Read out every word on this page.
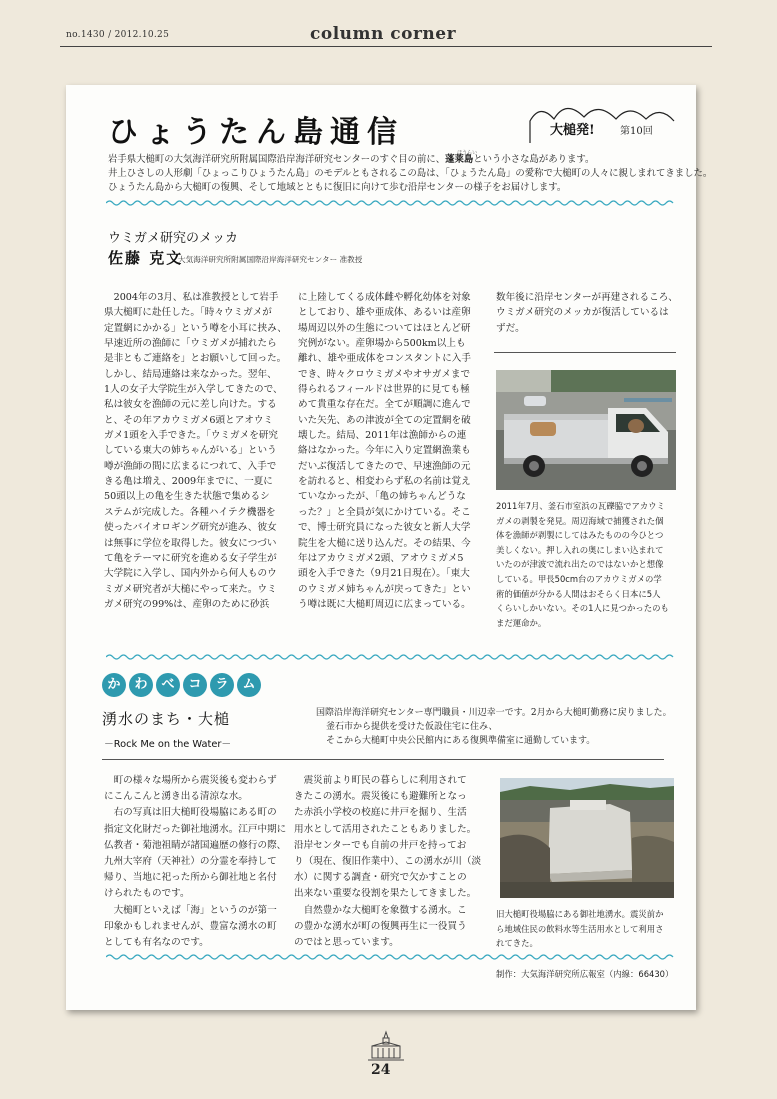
no.1430 / 2012.10.25	column corner
ひょうたん島通信	大槌発!	第10回

岩手県大槌町の大気海洋研究所附属国際沿岸海洋研究センターのすぐ目の前に、蓬莱島
ほうらい
という小さな島があります。

井上ひさしの人形劇「ひょっこりひょうたん島」のモデルともされるこの島は、「ひょうたん島」の愛称で大槌町の人々に親しまれてきました。

ひょうたん島から大槌町の復興、そして地域とともに復旧に向けて歩む沿岸センターの様子をお届けします。

ウミガメ研究のメッカ
佐藤 克文
大気海洋研究所附属国際沿岸海洋研究センター 准教授

　2004年の3月、私は准教授として岩手

県大槌町に赴任した。「時々ウミガメが

定置網にかかる」という噂を小耳に挟み、

早速近所の漁師に「ウミガメが捕れたら

是非ともご連絡を」とお願いして回った。

しかし、結局連絡は来なかった。翌年、

1人の女子大学院生が入学してきたので、

私は彼女を漁師の元に差し向けた。する

と、その年アカウミガメ6頭とアオウミ

ガメ1頭を入手できた。「ウミガメを研究

している東大の姉ちゃんがいる」という

噂が漁師の間に広まるにつれて、入手で

きる亀は増え、2009年までに、一夏に

50頭以上の亀を生きた状態で集めるシ

ステムが完成した。各種ハイテク機器を

使ったバイオロギング研究が進み、彼女

は無事に学位を取得した。彼女につづい

て亀をテーマに研究を進める女子学生が

大学院に入学し、国内外から何人ものウ

ミガメ研究者が大槌にやって来た。ウミ

ガメ研究の99%は、産卵のために砂浜

に上陸してくる成体雌や孵化幼体を対象

としており、雄や亜成体、あるいは産卵

場周辺以外の生態についてはほとんど研

究例がない。産卵場から500km以上も

離れ、雄や亜成体をコンスタントに入手

でき、時々クロウミガメやオサガメまで

得られるフィールドは世界的に見ても極

めて貴重な存在だ。全てが順調に進んで

いた矢先、あの津波が全ての定置網を破

壊した。結局、2011年は漁師からの連

絡はなかった。今年に入り定置網漁業も

だいぶ復活してきたので、早速漁師の元

を訪れると、相変わらず私の名前は覚え

ていなかったが、「亀の姉ちゃんどうな

った？」と全員が気にかけている。そこ

で、博士研究員になった彼女と新人大学

院生を大槌に送り込んだ。その結果、今

年はアカウミガメ2頭、アオウミガメ5

頭を入手できた（9月21日現在）。「東大

のウミガメ姉ちゃんが戻ってきた」とい

う噂は既に大槌町周辺に広まっている。

数年後に沿岸センターが再建されるころ、

ウミガメ研究のメッカが復活しているは

ずだ。

2011年7月、釜石市室浜の瓦礫脇でアカウミ

ガメの剥製を発見。周辺海域で捕獲された個

体を漁師が剥製にしてはみたものの今ひとつ

美しくない。押し入れの奥にしまい込まれて

いたのが津波で流れ出たのではないかと想像

している。甲長50cm台のアカウミガメの学

術的価値が分かる人間はおそらく日本に5人

くらいしかいない。その1人に見つかったのも

まだ運命か。

か わ べ コ ラ ム
湧水のまち・大槌
－Rock Me on the Water－

国際沿岸海洋研究センター専門職員・川辺幸一です。2月から大槌町勤務に戻りました。

釜石市から提供を受けた仮設住宅に住み、

そこから大槌町中央公民館内にある復興準備室に通勤しています。

　町の様々な場所から震災後も変わらず

にこんこんと湧き出る清涼な水。

　右の写真は旧大槌町役場脇にある町の

指定文化財だった御社地湧水。江戸中期に

仏教者・菊池祖睛が諸国遍歴の修行の際、

九州大宰府（天神社）の分霊を奉持して

帰り、当地に祀った所から御社地と名付

けられたものです。

　大槌町といえば「海」というのが第一

印象かもしれませんが、豊富な湧水の町

としても有名なのです。

　震災前より町民の暮らしに利用されて

きたこの湧水。震災後にも避難所となっ

た赤浜小学校の校庭に井戸を掘り、生活

用水として活用されたこともありました。

沿岸センターでも自前の井戸を持ってお

り（現在、復旧作業中）、この湧水が川（淡

水）に関する調査・研究で欠かすことの

出来ない重要な役割を果たしてきました。

　自然豊かな大槌町を象徴する湧水。こ

の豊かな湧水が町の復興再生に一役買う

のではと思っています。

旧大槌町役場脇にある御社地湧水。震災前か

ら地域住民の飲料水等生活用水として利用さ

れてきた。

制作：大気海洋研究所広報室（内線：66430）
24
